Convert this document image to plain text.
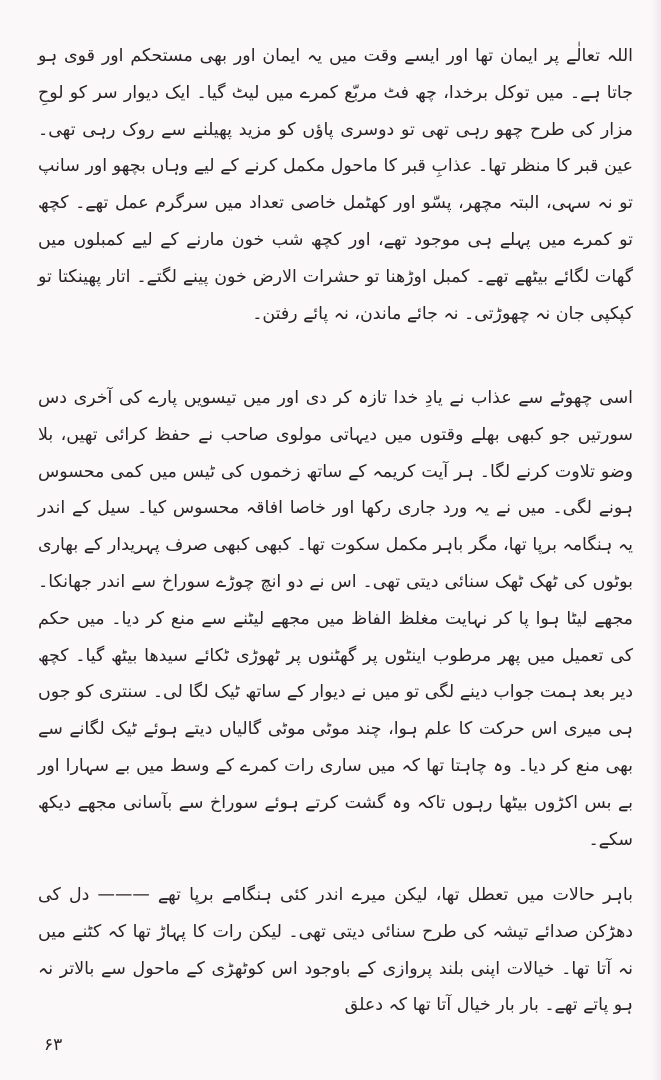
اللہ تعالٰے پر ایمان تھا اور ایسے وقت میں یہ ایمان اور بھی مستحکم اور قوی ہو جاتا ہے۔ میں توکل برخدا، چھ فٹ مربّع کمرے میں لیٹ گیا۔ ایک دیوار سر کو لوحِ مزار کی طرح چھو رہی تھی تو دوسری پاؤں کو مزید پھیلنے سے روک رہی تھی۔ عین قبر کا منظر تھا۔ عذابِ قبر کا ماحول مکمل کرنے کے لیے وہاں بچھو اور سانپ تو نہ سہی، البتہ مچھر، پسّو اور کھٹمل خاصی تعداد میں سرگرم عمل تھے۔ کچھ تو کمرے میں پہلے ہی موجود تھے، اور کچھ شب خون مارنے کے لیے کمبلوں میں گھات لگائے بیٹھے تھے۔ کمبل اوڑھنا تو حشرات الارض خون پینے لگتے۔ اتار پھینکتا تو کپکپی جان نہ چھوڑتی۔ نہ جائے ماندن، نہ پائے رفتن۔

اسی چھوٹے سے عذاب نے یادِ خدا تازہ کر دی اور میں تیسویں پارے کی آخری دس سورتیں جو کبھی بھلے وقتوں میں دیہاتی مولوی صاحب نے حفظ کرائی تھیں، بلا وضو تلاوت کرنے لگا۔ ہر آیت کریمہ کے ساتھ زخموں کی ٹیس میں کمی محسوس ہونے لگی۔ میں نے یہ ورد جاری رکھا اور خاصا افاقہ محسوس کیا۔ سیل کے اندر یہ ہنگامہ برپا تھا، مگر باہر مکمل سکوت تھا۔ کبھی کبھی صرف پہریدار کے بھاری بوٹوں کی ٹھک ٹھک سنائی دیتی تھی۔ اس نے دو انچ چوڑے سوراخ سے اندر جھانکا۔ مجھے لیٹا ہوا پا کر نہایت مغلظ الفاظ میں مجھے لیٹنے سے منع کر دیا۔ میں حکم کی تعمیل میں پھر مرطوب اینٹوں پر گھٹنوں پر ٹھوڑی ٹکائے سیدھا بیٹھ گیا۔ کچھ دیر بعد ہمت جواب دینے لگی تو میں نے دیوار کے ساتھ ٹیک لگا لی۔ سنتری کو جوں ہی میری اس حرکت کا علم ہوا، چند موٹی موٹی گالیاں دیتے ہوئے ٹیک لگانے سے بھی منع کر دیا۔ وہ چاہتا تھا کہ میں ساری رات کمرے کے وسط میں بے سہارا اور بے بس اکڑوں بیٹھا رہوں تاکہ وہ گشت کرتے ہوئے سوراخ سے بآسانی مجھے دیکھ سکے۔

باہر حالات میں تعطل تھا، لیکن میرے اندر کئی ہنگامے برپا تھے ——— دل کی دھڑکن صدائے تیشہ کی طرح سنائی دیتی تھی۔ لیکن رات کا پہاڑ تھا کہ کٹنے میں نہ آتا تھا۔ خیالات اپنی بلند پروازی کے باوجود اس کوٹھڑی کے ماحول سے بالاتر نہ ہو پاتے تھے۔ بار بار خیال آتا تھا کہ دعلق

۶۳
